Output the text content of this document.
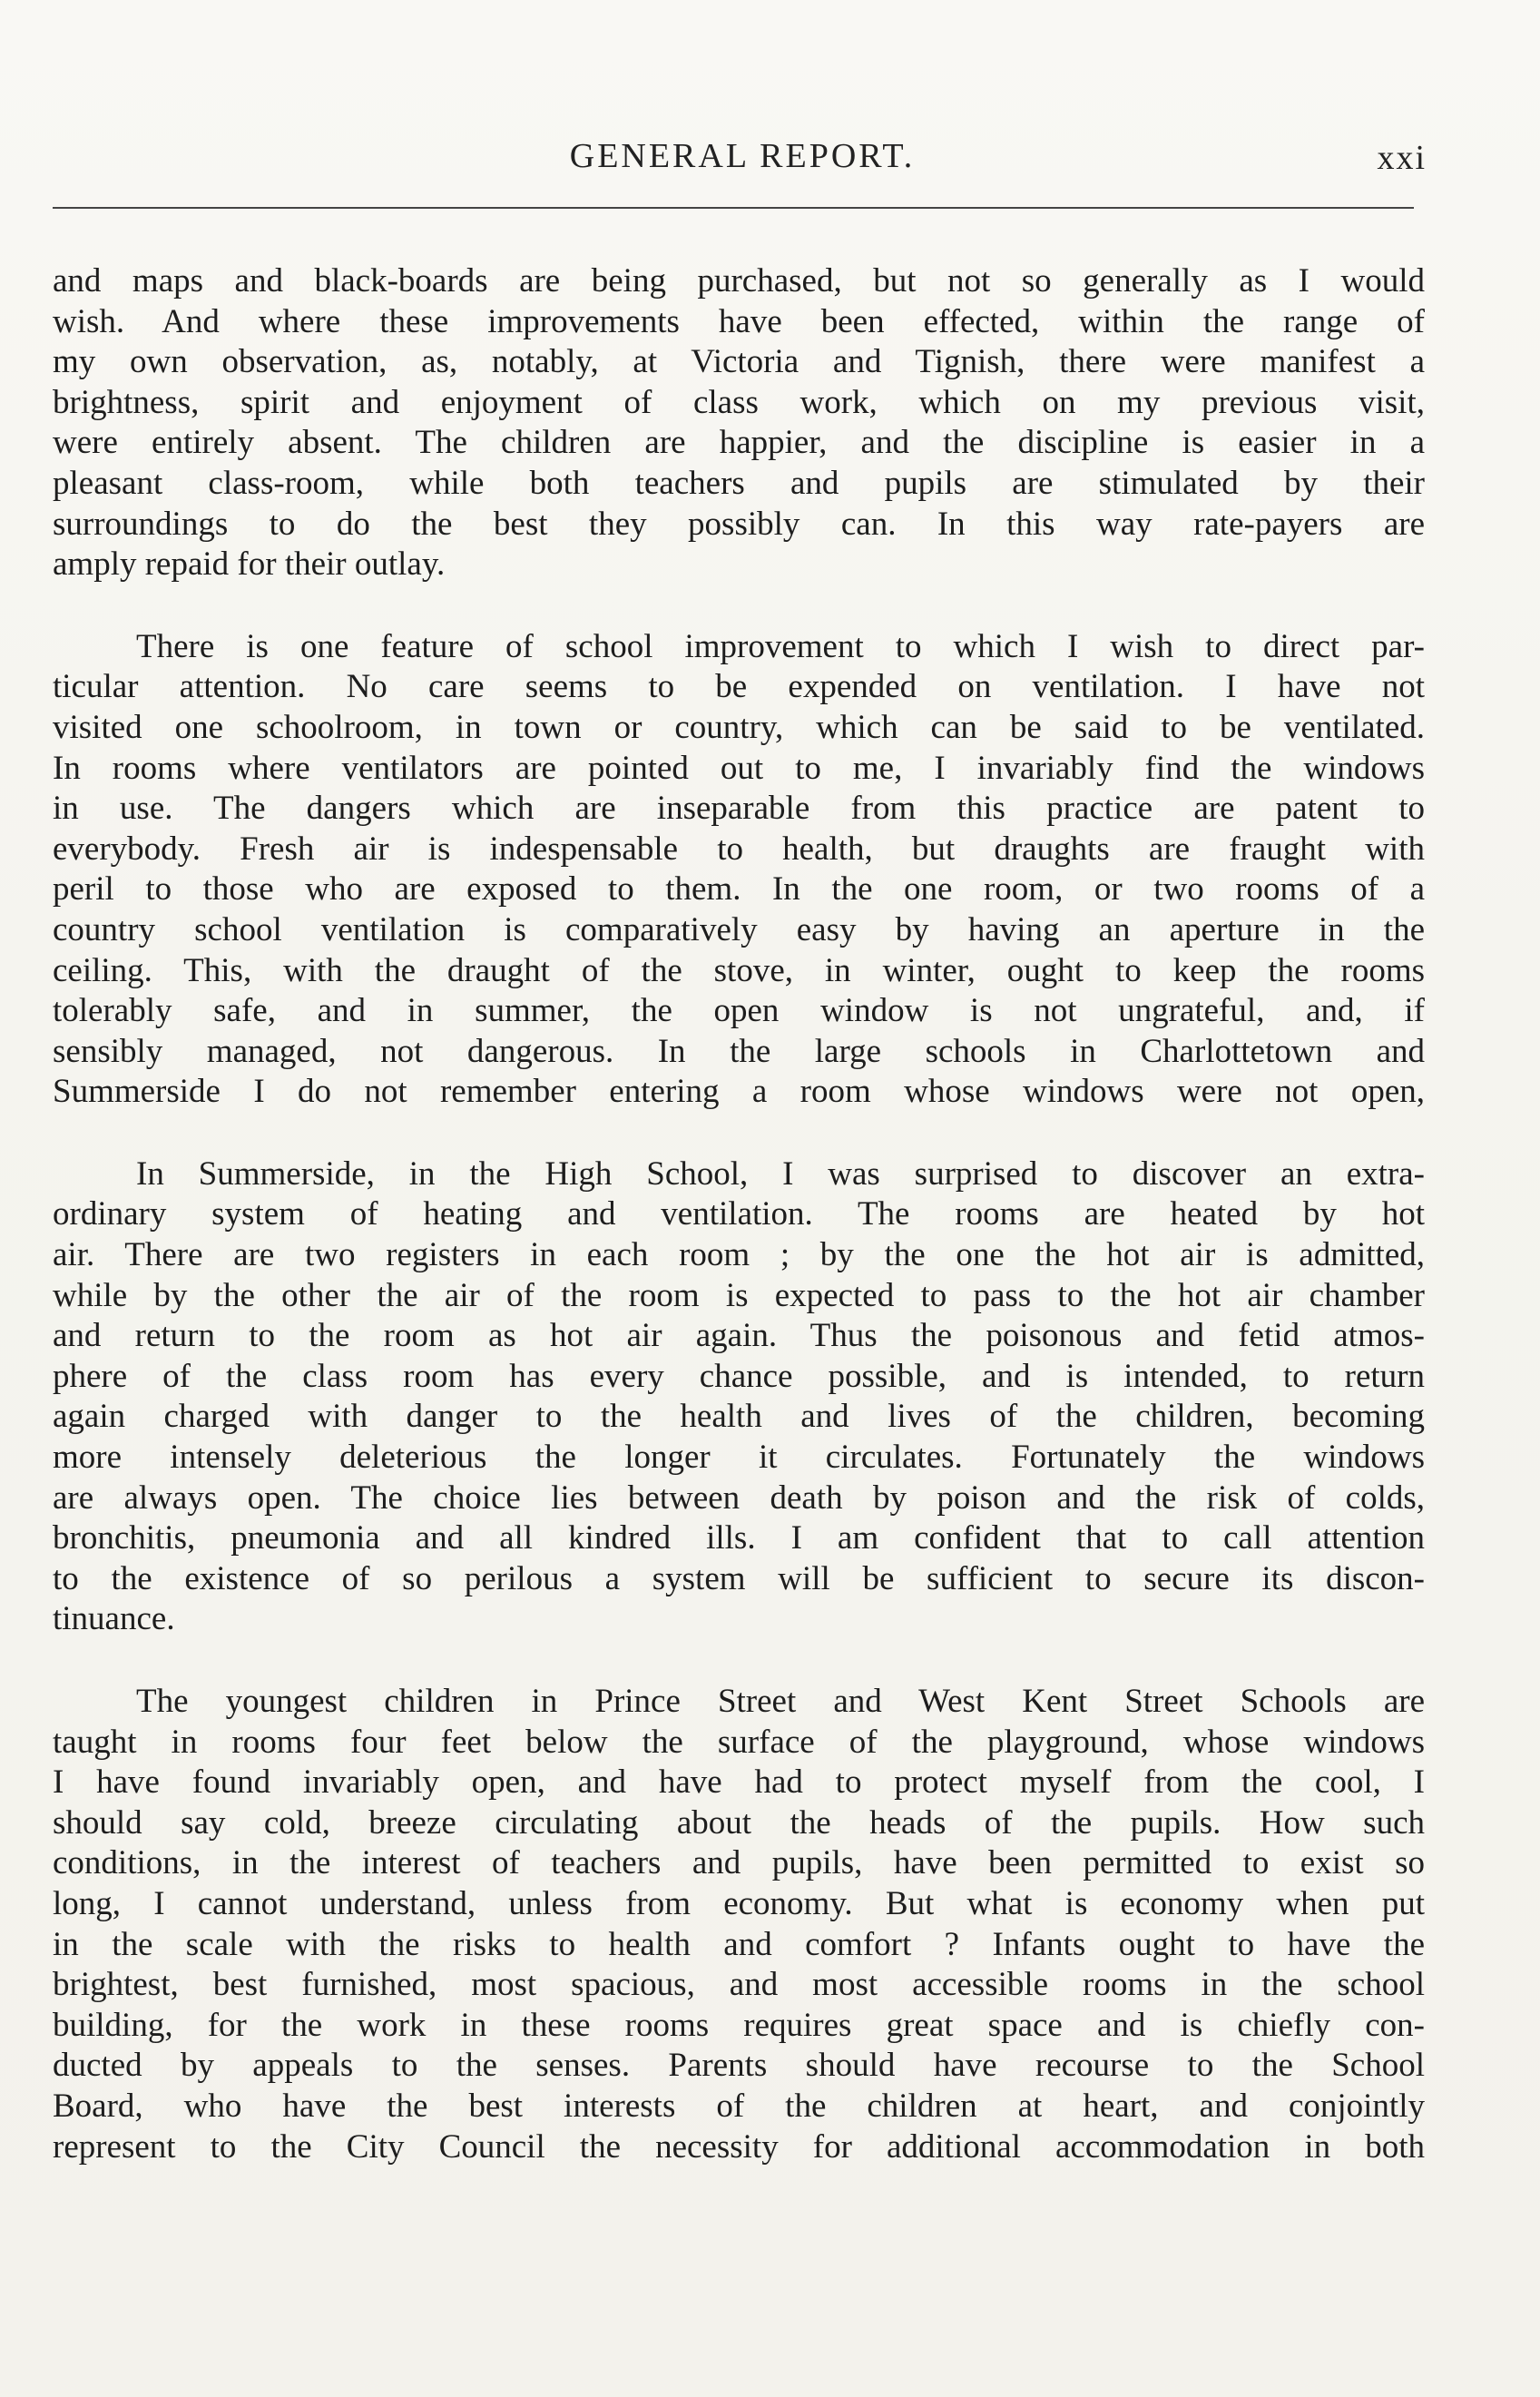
GENERAL REPORT.	xxi

and maps and black-boards are being purchased, but not so generally as I would
wish. And where these improvements have been effected, within the range of
my own observation, as, notably, at Victoria and Tignish, there were manifest a
brightness, spirit and enjoyment of class work, which on my previous visit,
were entirely absent. The children are happier, and the discipline is easier in a
pleasant class-room, while both teachers and pupils are stimulated by their
surroundings to do the best they possibly can. In this way rate-payers are
amply repaid for their outlay.

There is one feature of school improvement to which I wish to direct par-
ticular attention. No care seems to be expended on ventilation. I have not
visited one schoolroom, in town or country, which can be said to be ventilated.
In rooms where ventilators are pointed out to me, I invariably find the windows
in use. The dangers which are inseparable from this practice are patent to
everybody. Fresh air is indespensable to health, but draughts are fraught with
peril to those who are exposed to them. In the one room, or two rooms of a
country school ventilation is comparatively easy by having an aperture in the
ceiling. This, with the draught of the stove, in winter, ought to keep the rooms
tolerably safe, and in summer, the open window is not ungrateful, and, if
sensibly managed, not dangerous. In the large schools in Charlottetown and
Summerside I do not remember entering a room whose windows were not open,

In Summerside, in the High School, I was surprised to discover an extra-
ordinary system of heating and ventilation. The rooms are heated by hot
air. There are two registers in each room ; by the one the hot air is admitted,
while by the other the air of the room is expected to pass to the hot air chamber
and return to the room as hot air again. Thus the poisonous and fetid atmos-
phere of the class room has every chance possible, and is intended, to return
again charged with danger to the health and lives of the children, becoming
more intensely deleterious the longer it circulates. Fortunately the windows
are always open. The choice lies between death by poison and the risk of colds,
bronchitis, pneumonia and all kindred ills. I am confident that to call attention
to the existence of so perilous a system will be sufficient to secure its discon-
tinuance.

The youngest children in Prince Street and West Kent Street Schools are
taught in rooms four feet below the surface of the playground, whose windows
I have found invariably open, and have had to protect myself from the cool, I
should say cold, breeze circulating about the heads of the pupils. How such
conditions, in the interest of teachers and pupils, have been permitted to exist so
long, I cannot understand, unless from economy. But what is economy when put
in the scale with the risks to health and comfort ? Infants ought to have the
brightest, best furnished, most spacious, and most accessible rooms in the school
building, for the work in these rooms requires great space and is chiefly con-
ducted by appeals to the senses. Parents should have recourse to the School
Board, who have the best interests of the children at heart, and conjointly
represent to the City Council the necessity for additional accommodation in both
